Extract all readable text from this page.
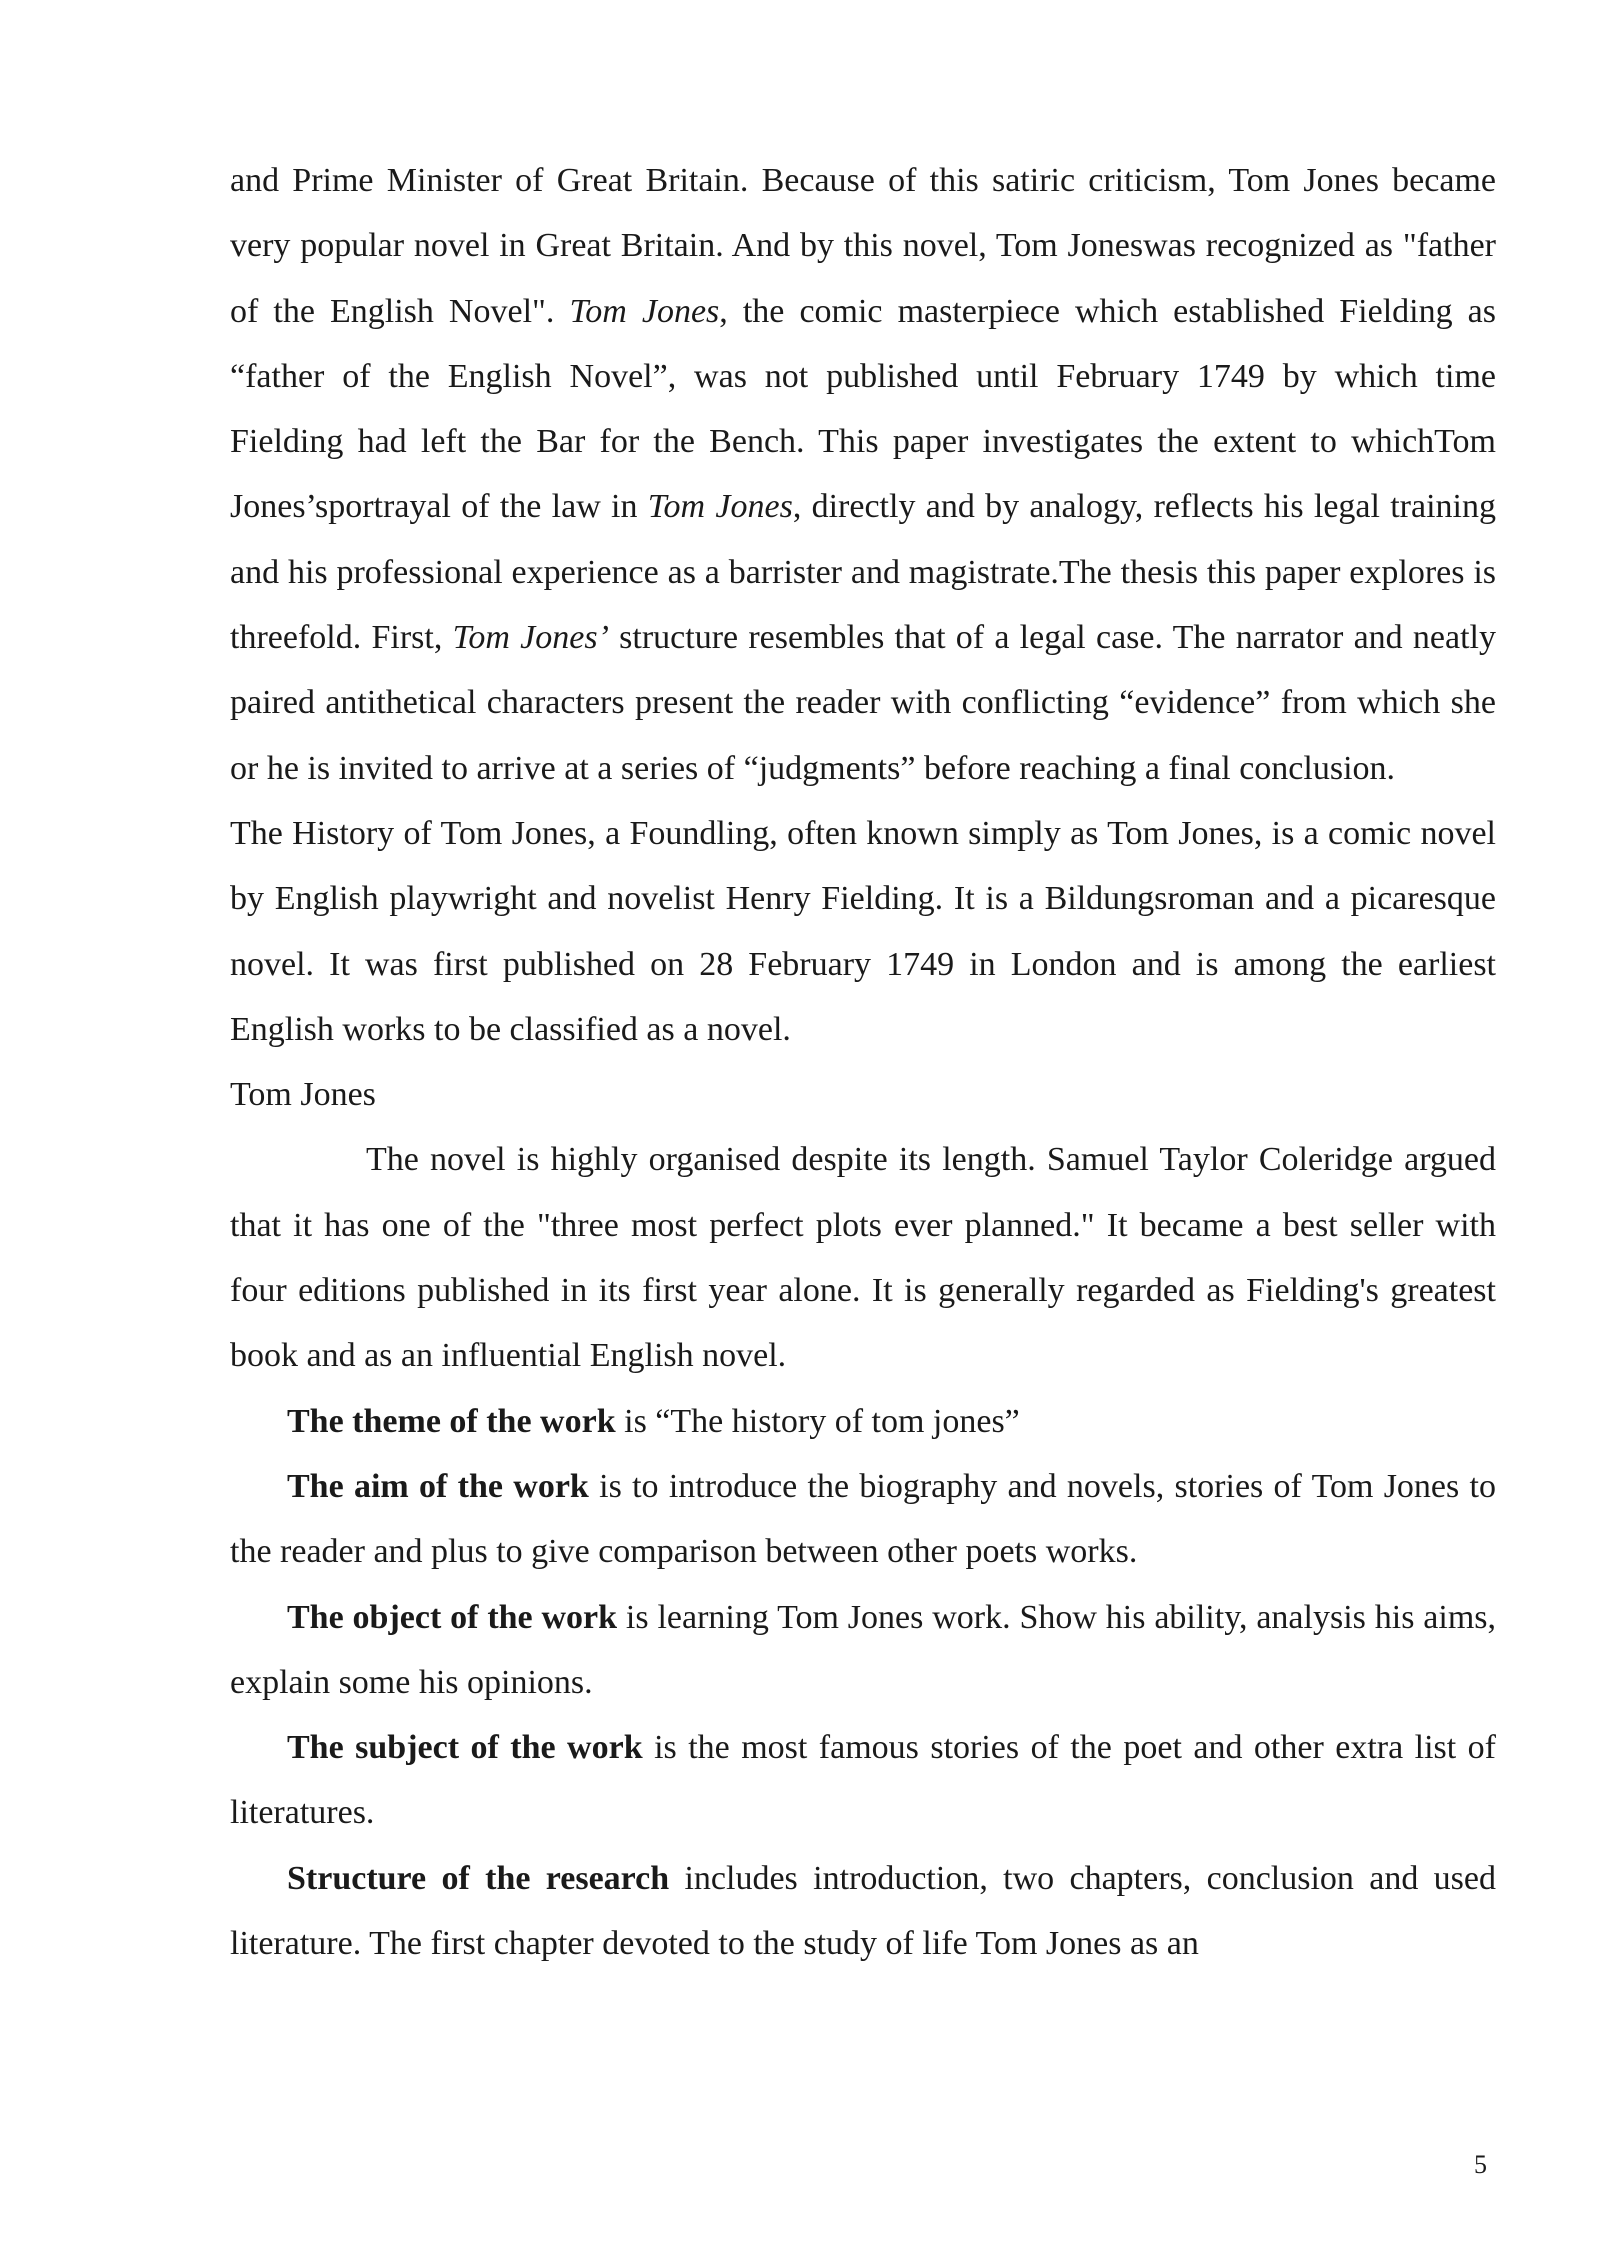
and Prime Minister of Great Britain. Because of this satiric criticism, Tom Jones became very popular novel in Great Britain. And by this novel, Tom Joneswas recognized as "father of the English Novel". Tom Jones, the comic masterpiece which established Fielding as “father of the English Novel”, was not published until February 1749 by which time Fielding had left the Bar for the Bench. This paper investigates the extent to whichTom Jones’sportrayal of the law in Tom Jones, directly and by analogy, reflects his legal training and his professional experience as a barrister and magistrate.The thesis this paper explores is threefold. First, Tom Jones’ structure resembles that of a legal case. The narrator and neatly paired antithetical characters present the reader with conflicting “evidence” from which she or he is invited to arrive at a series of “judgments” before reaching a final conclusion.

The History of Tom Jones, a Foundling, often known simply as Tom Jones, is a comic novel by English playwright and novelist Henry Fielding. It is a Bildungsroman and a picaresque novel. It was first published on 28 February 1749 in London and is among the earliest English works to be classified as a novel.

Tom Jones

The novel is highly organised despite its length. Samuel Taylor Coleridge argued that it has one of the "three most perfect plots ever planned." It became a best seller with four editions published in its first year alone. It is generally regarded as Fielding's greatest book and as an influential English novel.

The theme of the work is “The history of tom jones”

The aim of the work is to introduce the biography and novels, stories of Tom Jones to the reader and plus to give comparison between other poets works.

The object of the work is learning Tom Jones work. Show his ability, analysis his aims, explain some his opinions.

The subject of the work is the most famous stories of the poet and other extra list of literatures.

Structure of the research includes introduction, two chapters, conclusion and used literature. The first chapter devoted to the study of life Tom Jones as an

5
